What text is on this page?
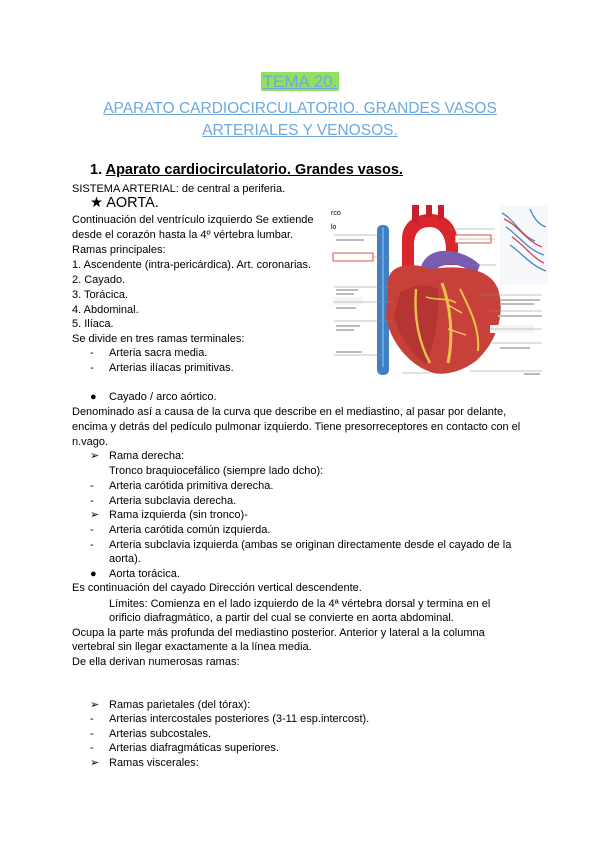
TEMA 20.
APARATO CARDIOCIRCULATORIO. GRANDES VASOS
ARTERIALES Y VENOSOS.
1. Aparato cardiocirculatorio. Grandes vasos.
SISTEMA ARTERIAL: de central a periferia.
★ AORTA.
Continuación del ventrículo izquierdo Se extiende
desde el corazón hasta la 4º vértebra lumbar.
Ramas principales:
1. Ascendente (intra-pericárdica). Art. coronarias.
2. Cayado.
3. Torácica.
4. Abdominal.
5. Ilíaca.
Se divide en tres ramas terminales:
- Arteria sacra media.
- Arterias ilíacas primitivas.
rco
lo
● Cayado / arco aórtico.
Denominado así a causa de la curva que describe en el mediastino, al pasar por delante,
encima y detrás del pedículo pulmonar izquierdo. Tiene presorreceptores en contacto con el
n.vago.
➢ Rama derecha:
Tronco braquiocefálico (siempre lado dcho):
- Arteria carótida primitiva derecha.
- Arteria subclavia derecha.
➢ Rama izquierda (sin tronco)-
- Arteria carótida común izquierda.
- Arteria subclavia izquierda (ambas se originan directamente desde el cayado de la
aorta).
● Aorta torácica.
Es continuación del cayado Dirección vertical descendente.
Límites: Comienza en el lado izquierdo de la 4ª vértebra dorsal y termina en el
orificio diafragmático, a partir del cual se convierte en aorta abdominal.
Ocupa la parte más profunda del mediastino posterior. Anterior y lateral a la columna
vertebral sin llegar exactamente a la línea media.
De ella derivan numerosas ramas:
➢ Ramas parietales (del tórax):
- Arterias intercostales posteriores (3-11 esp.intercost).
- Arterias subcostales.
- Arterias diafragmáticas superiores.
➢ Ramas viscerales:
